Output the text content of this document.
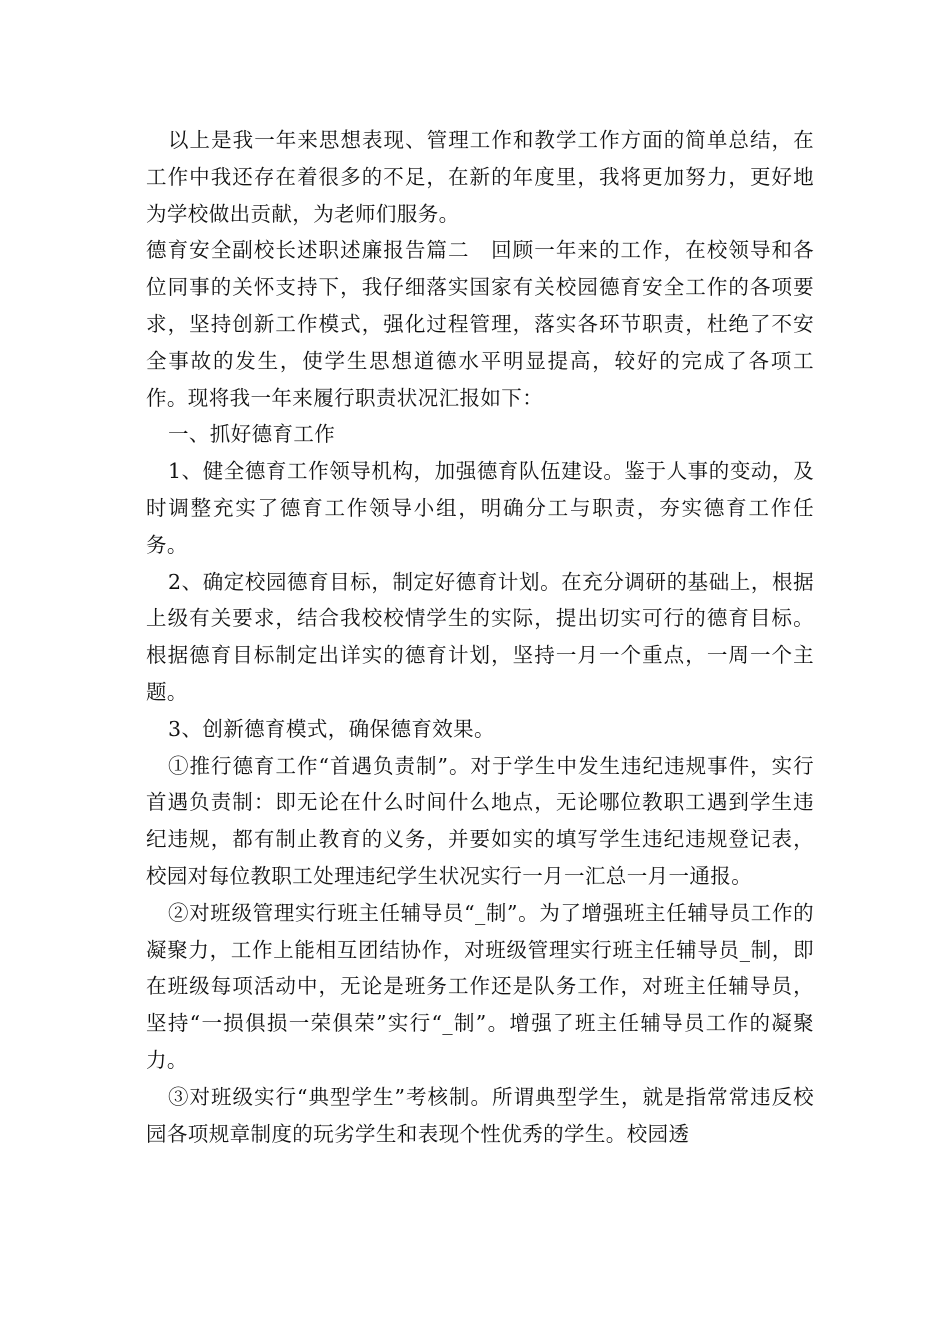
以上是我一年来思想表现、管理工作和教学工作方面的简单总结，在工作中我还存在着很多的不足，在新的年度里，我将更加努力，更好地为学校做出贡献，为老师们服务。

德育安全副校长述职述廉报告篇二　回顾一年来的工作，在校领导和各位同事的关怀支持下，我仔细落实国家有关校园德育安全工作的各项要求，坚持创新工作模式，强化过程管理，落实各环节职责，杜绝了不安全事故的发生，使学生思想道德水平明显提高，较好的完成了各项工作。现将我一年来履行职责状况汇报如下：

一、抓好德育工作

1、健全德育工作领导机构，加强德育队伍建设。鉴于人事的变动，及时调整充实了德育工作领导小组，明确分工与职责，夯实德育工作任务。

2、确定校园德育目标，制定好德育计划。在充分调研的基础上，根据上级有关要求，结合我校校情学生的实际，提出切实可行的德育目标。根据德育目标制定出详实的德育计划，坚持一月一个重点，一周一个主题。

3、创新德育模式，确保德育效果。

①推行德育工作“首遇负责制”。对于学生中发生违纪违规事件，实行首遇负责制：即无论在什么时间什么地点，无论哪位教职工遇到学生违纪违规，都有制止教育的义务，并要如实的填写学生违纪违规登记表，校园对每位教职工处理违纪学生状况实行一月一汇总一月一通报。

②对班级管理实行班主任辅导员“_制”。为了增强班主任辅导员工作的凝聚力，工作上能相互团结协作，对班级管理实行班主任辅导员_制，即在班级每项活动中，无论是班务工作还是队务工作，对班主任辅导员，坚持“一损俱损一荣俱荣”实行“_制”。增强了班主任辅导员工作的凝聚力。

③对班级实行“典型学生”考核制。所谓典型学生，就是指常常违反校园各项规章制度的玩劣学生和表现个性优秀的学生。校园透
